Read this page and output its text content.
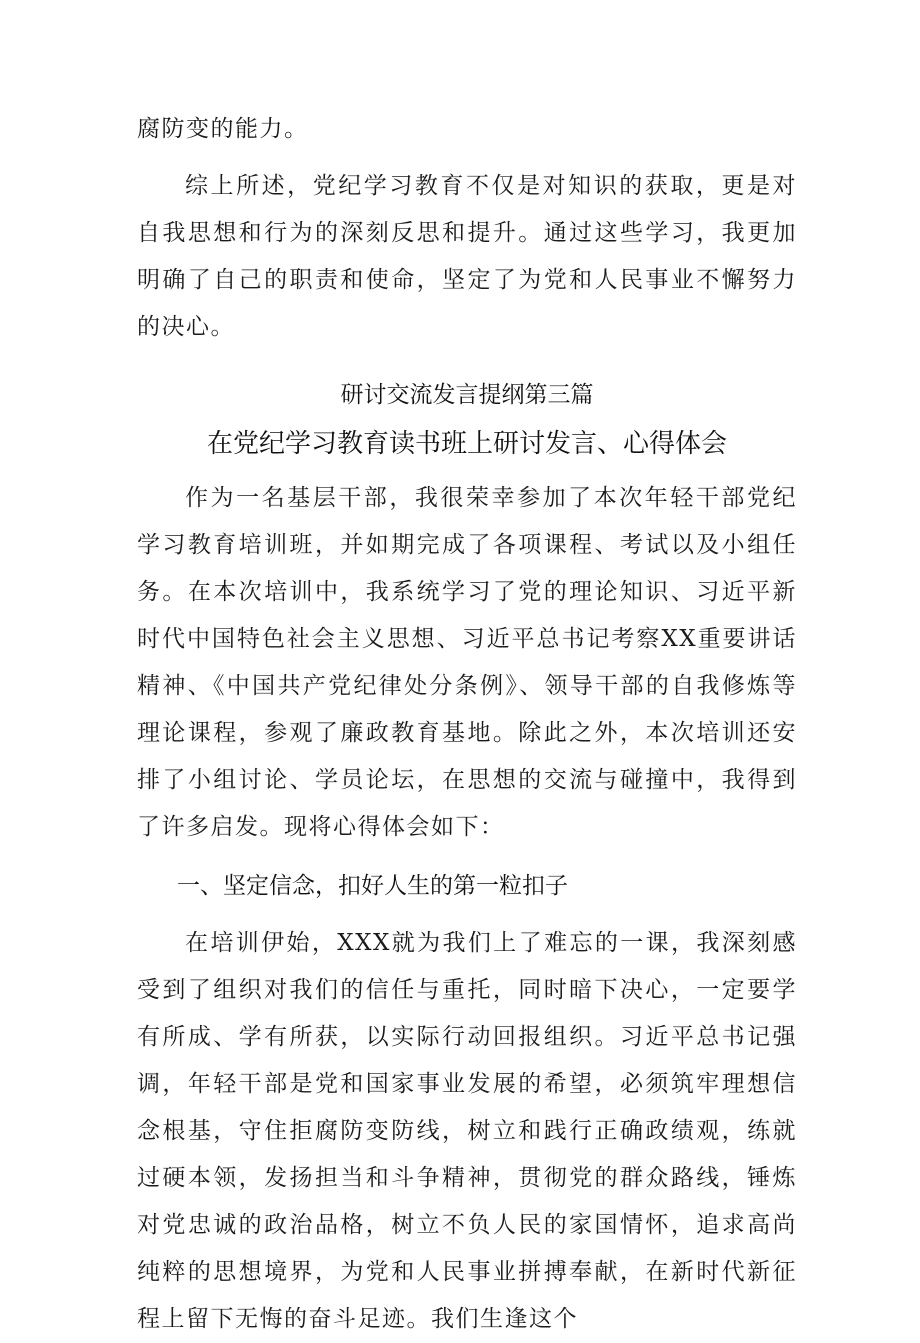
腐防变的能力。

综上所述，党纪学习教育不仅是对知识的获取，更是对自我思想和行为的深刻反思和提升。通过这些学习，我更加明确了自己的职责和使命，坚定了为党和人民事业不懈努力的决心。

研讨交流发言提纲第三篇
在党纪学习教育读书班上研讨发言、心得体会

作为一名基层干部，我很荣幸参加了本次年轻干部党纪学习教育培训班，并如期完成了各项课程、考试以及小组任务。在本次培训中，我系统学习了党的理论知识、习近平新时代中国特色社会主义思想、习近平总书记考察XX重要讲话精神、《中国共产党纪律处分条例》、领导干部的自我修炼等理论课程，参观了廉政教育基地。除此之外，本次培训还安排了小组讨论、学员论坛，在思想的交流与碰撞中，我得到了许多启发。现将心得体会如下：

一、坚定信念，扣好人生的第一粒扣子

在培训伊始，XXX就为我们上了难忘的一课，我深刻感受到了组织对我们的信任与重托，同时暗下决心，一定要学有所成、学有所获，以实际行动回报组织。习近平总书记强调，年轻干部是党和国家事业发展的希望，必须筑牢理想信念根基，守住拒腐防变防线，树立和践行正确政绩观，练就过硬本领，发扬担当和斗争精神，贯彻党的群众路线，锤炼对党忠诚的政治品格，树立不负人民的家国情怀，追求高尚纯粹的思想境界，为党和人民事业拼搏奉献，在新时代新征程上留下无悔的奋斗足迹。我们生逢这个
